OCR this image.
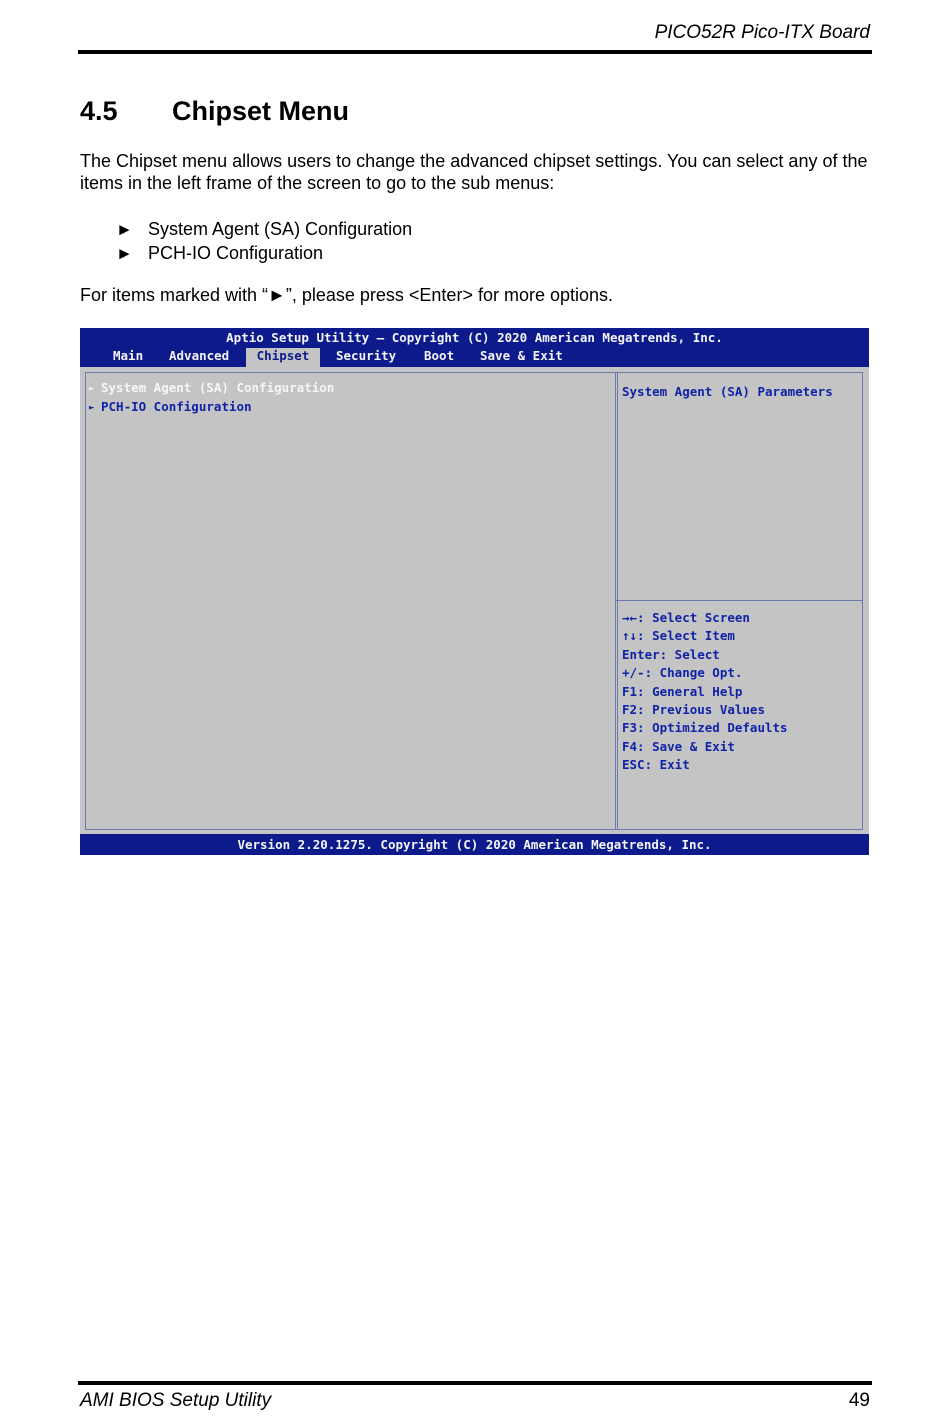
PICO52R Pico-ITX Board
4.5 Chipset Menu

The Chipset menu allows users to change the advanced chipset settings. You can select any of the items in the left frame of the screen to go to the sub menus:

► System Agent (SA) Configuration
► PCH-IO Configuration

For items marked with “►”, please press <Enter> for more options.

Aptio Setup Utility – Copyright (C) 2020 American Megatrends, Inc.
Main Advanced	Chipset	Security Boot Save & Exit
► System Agent (SA) Configuration
► PCH-IO Configuration
System Agent (SA) Parameters
→←: Select Screen
↑↓: Select Item
Enter: Select
+/-: Change Opt.
F1: General Help
F2: Previous Values
F3: Optimized Defaults
F4: Save & Exit
ESC: Exit
Version 2.20.1275. Copyright (C) 2020 American Megatrends, Inc.
AMI BIOS Setup Utility	49
